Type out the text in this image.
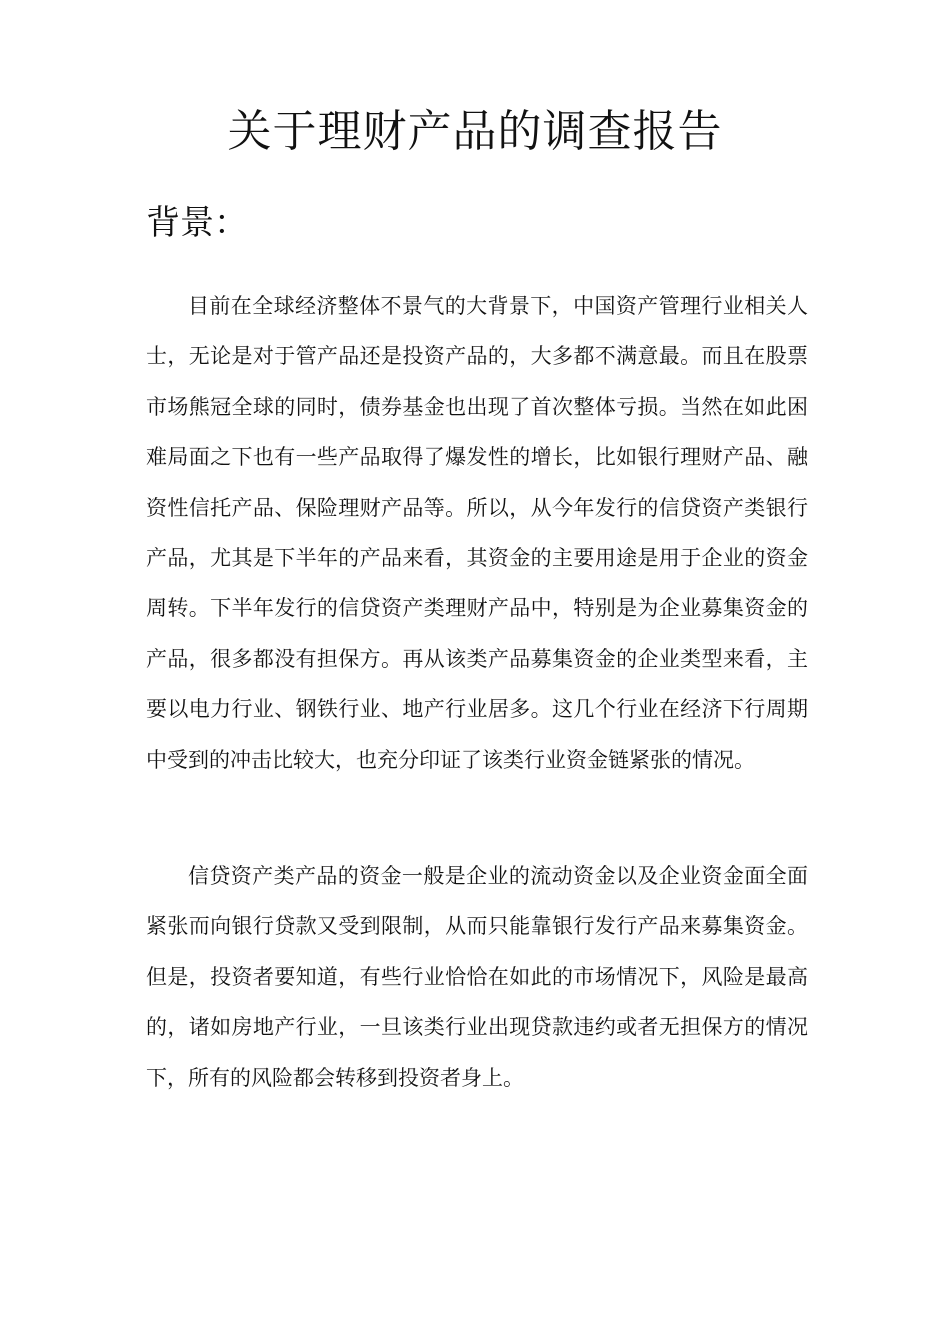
关于理财产品的调查报告
背景：

目前在全球经济整体不景气的大背景下，中国资产管理行业相关人士，无论是对于管产品还是投资产品的，大多都不满意最。而且在股票市场熊冠全球的同时，债券基金也出现了首次整体亏损。当然在如此困难局面之下也有一些产品取得了爆发性的增长，比如银行理财产品、融资性信托产品、保险理财产品等。所以，从今年发行的信贷资产类银行产品，尤其是下半年的产品来看，其资金的主要用途是用于企业的资金周转。下半年发行的信贷资产类理财产品中，特别是为企业募集资金的产品，很多都没有担保方。再从该类产品募集资金的企业类型来看，主要以电力行业、钢铁行业、地产行业居多。这几个行业在经济下行周期中受到的冲击比较大，也充分印证了该类行业资金链紧张的情况。

信贷资产类产品的资金一般是企业的流动资金以及企业资金面全面紧张而向银行贷款又受到限制，从而只能靠银行发行产品来募集资金。但是，投资者要知道，有些行业恰恰在如此的市场情况下，风险是最高的，诸如房地产行业，一旦该类行业出现贷款违约或者无担保方的情况下，所有的风险都会转移到投资者身上。
